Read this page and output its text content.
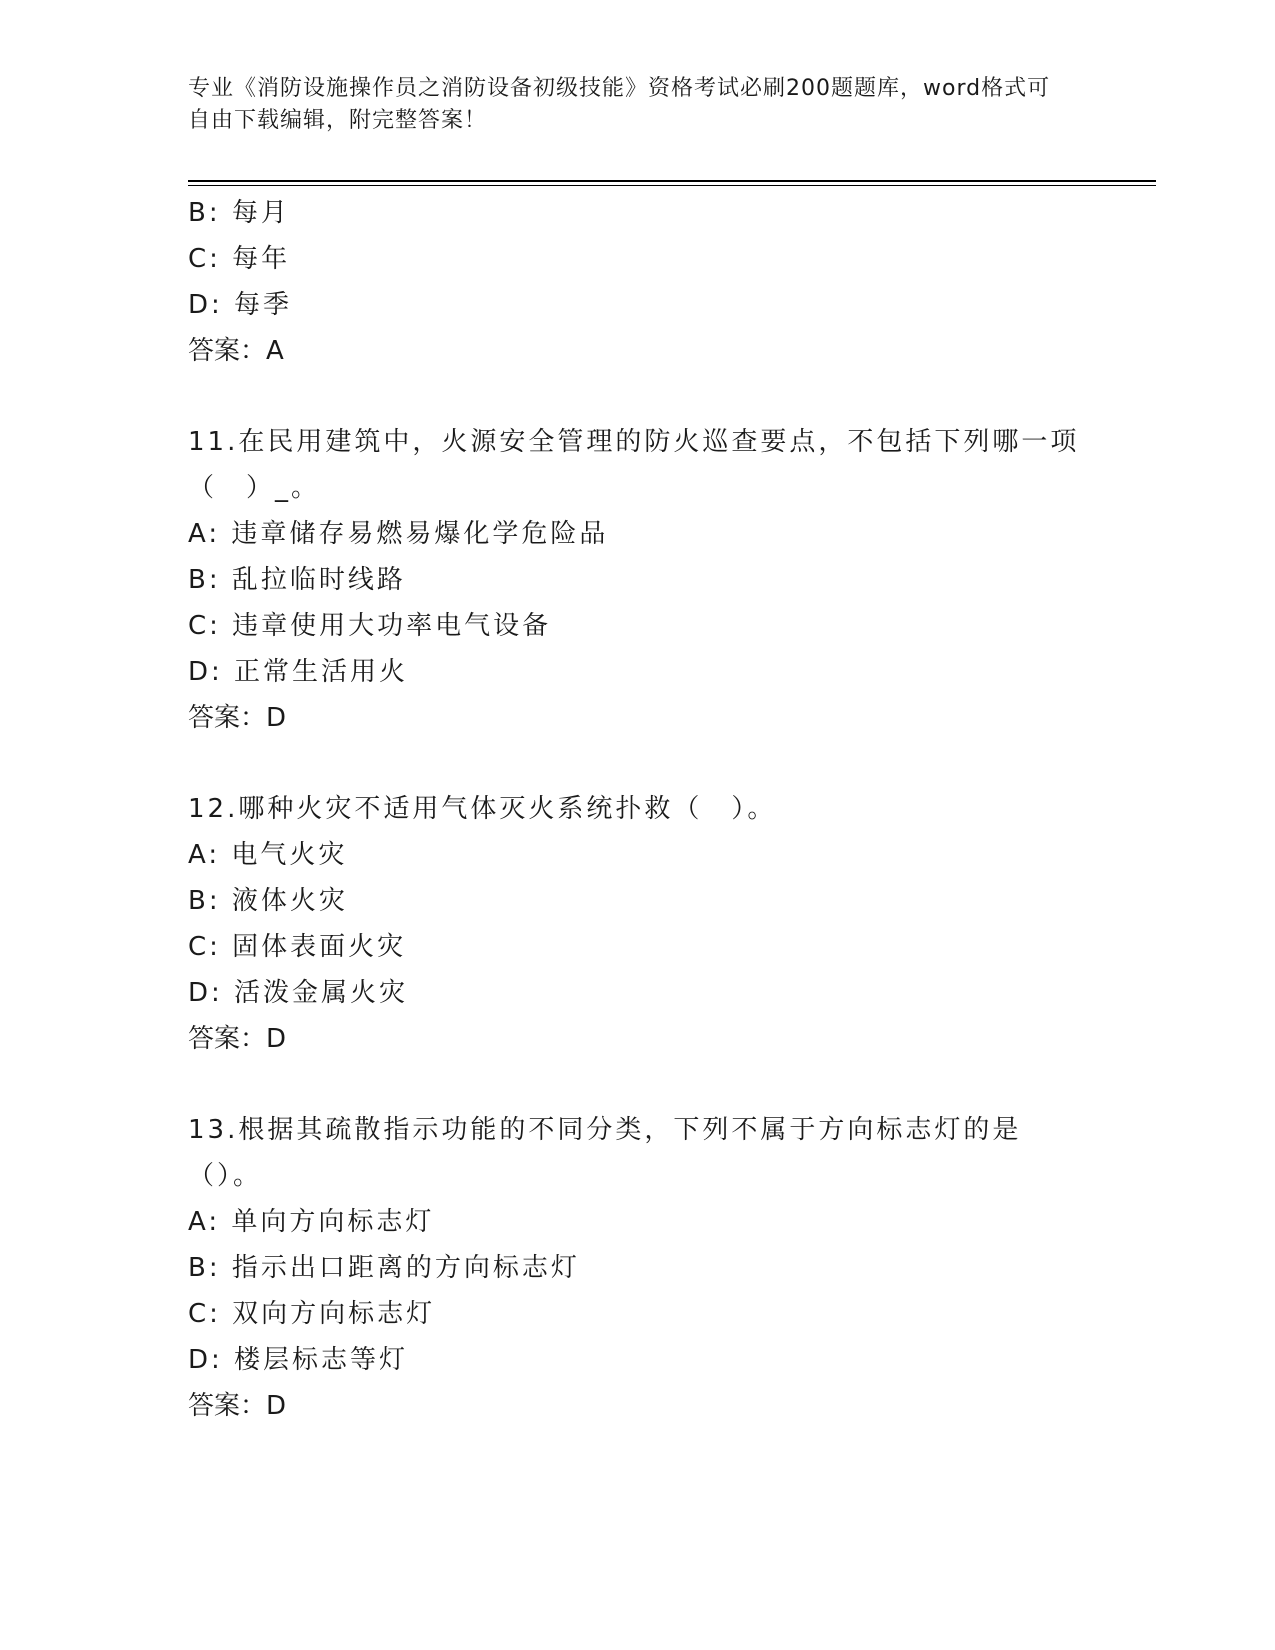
专业《消防设施操作员之消防设备初级技能》资格考试必刷200题题库，word格式可自由下载编辑，附完整答案！
B: 每月
C: 每年
D: 每季
答案：A
11.在民用建筑中，火源安全管理的防火巡查要点，不包括下列哪一项（　）_。
A: 违章储存易燃易爆化学危险品
B: 乱拉临时线路
C: 违章使用大功率电气设备
D: 正常生活用火
答案：D
12.哪种火灾不适用气体灭火系统扑救（　）。
A: 电气火灾
B: 液体火灾
C: 固体表面火灾
D: 活泼金属火灾
答案：D
13.根据其疏散指示功能的不同分类，下列不属于方向标志灯的是（）。
A: 单向方向标志灯
B: 指示出口距离的方向标志灯
C: 双向方向标志灯
D: 楼层标志等灯
答案：D
